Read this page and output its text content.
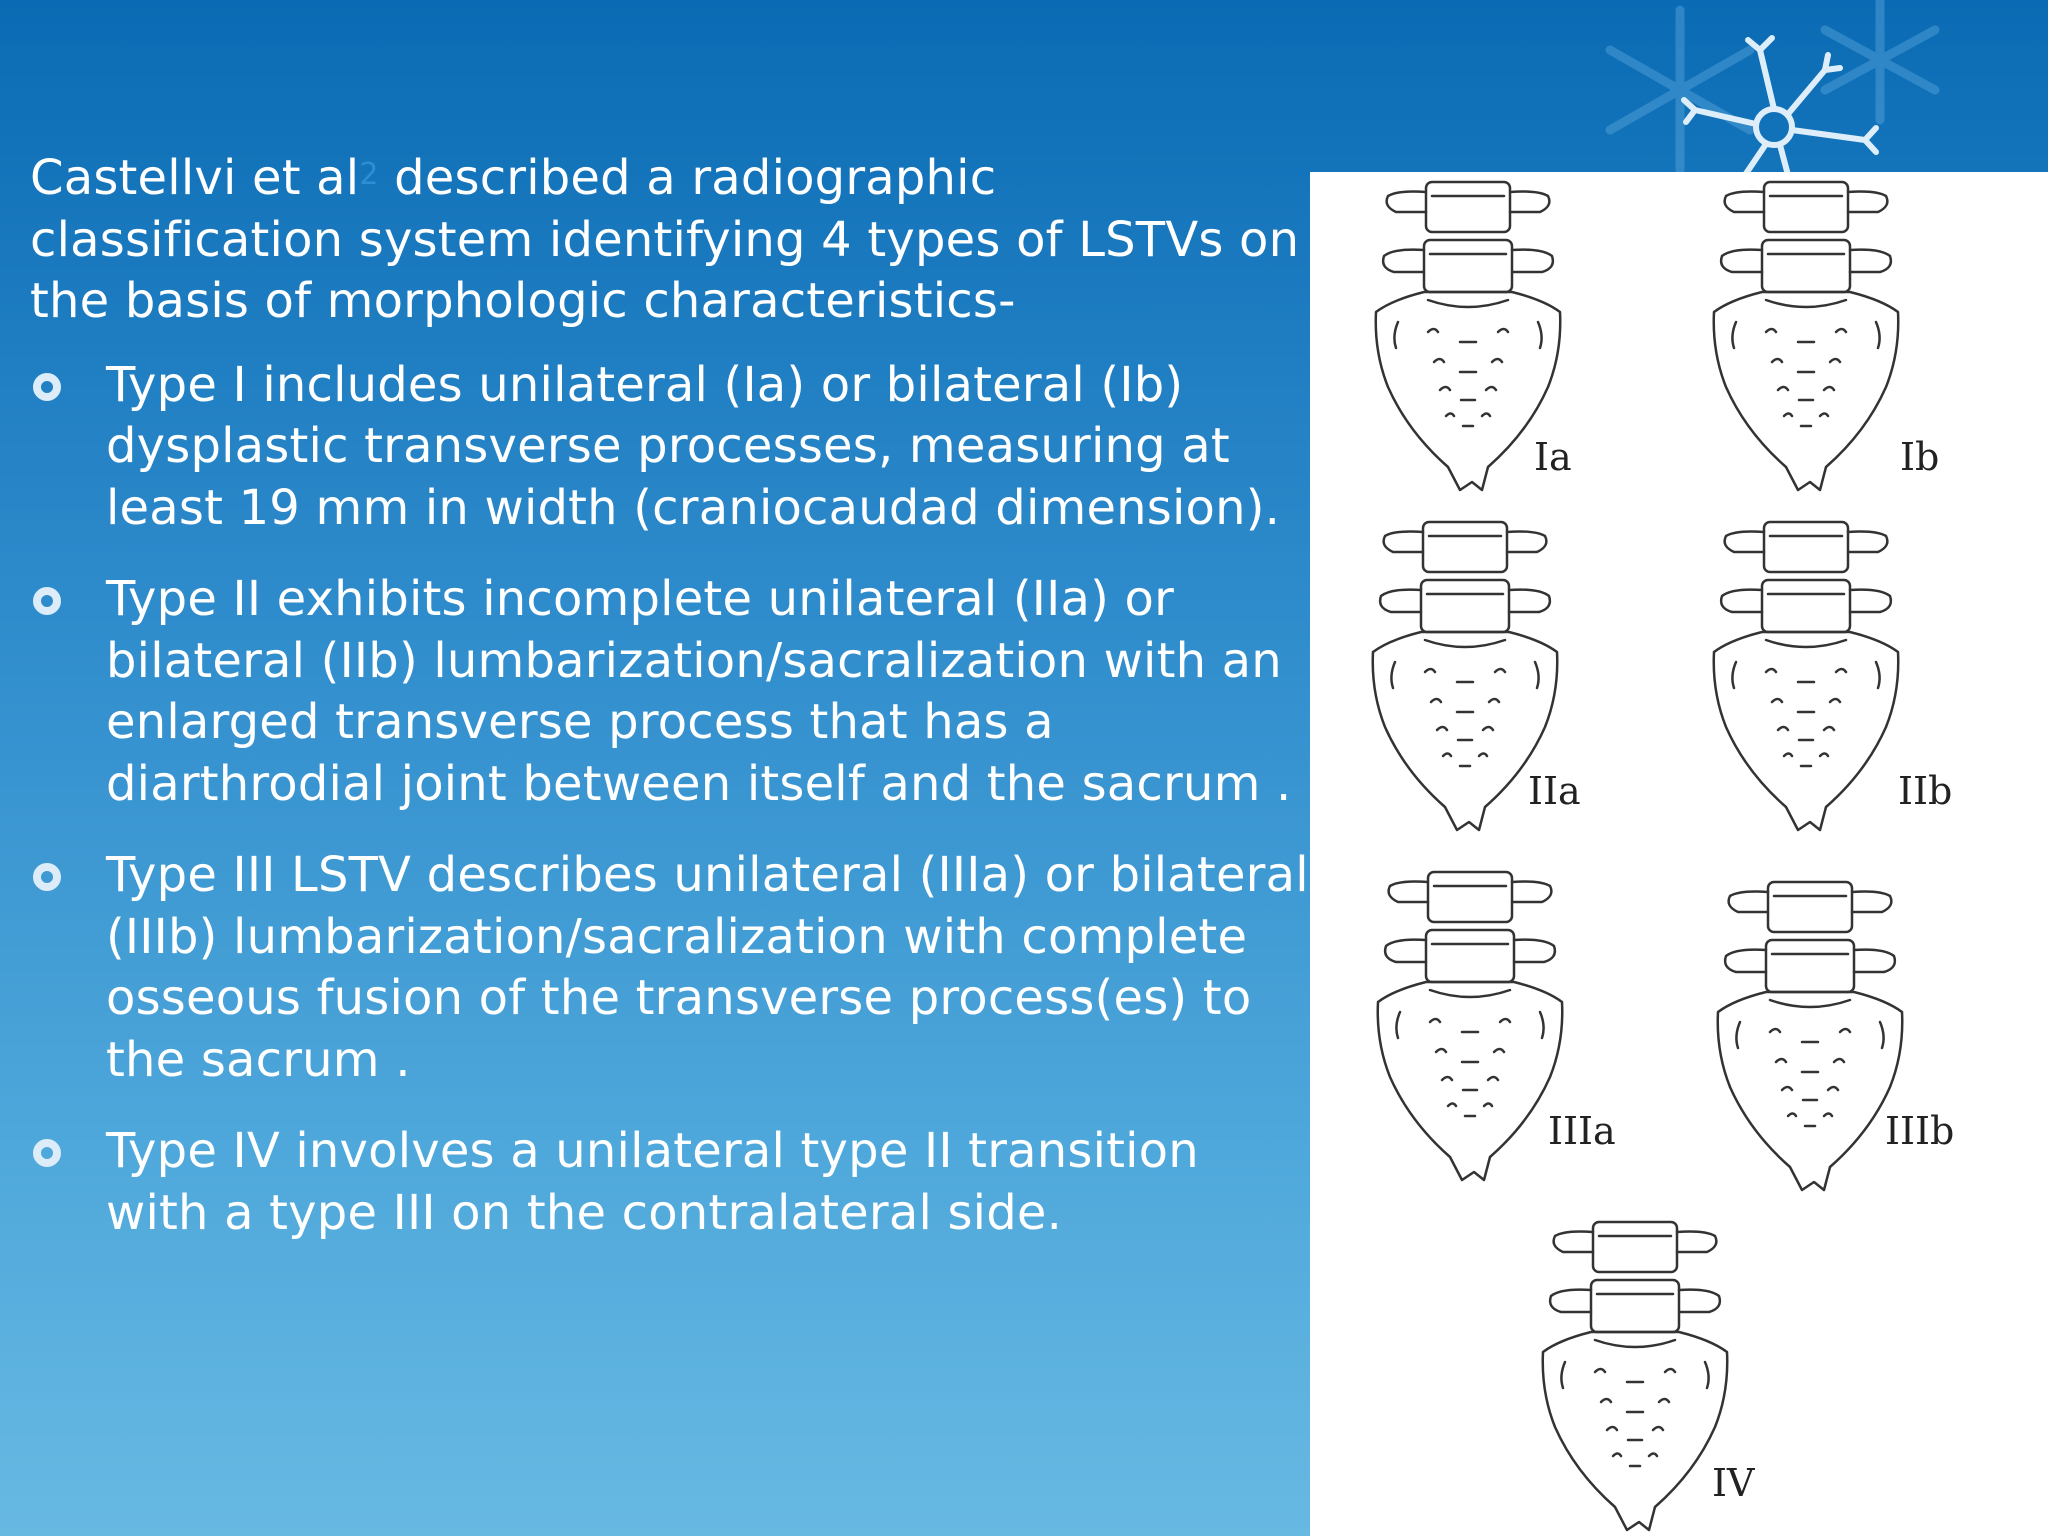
Castellvi et $al^2$ described a radiographic classification system identifying 4 types of LSTVs on the basis of morphologic characteristics-

Type I includes unilateral (Ia) or bilateral (Ib) dysplastic transverse processes, measuring at least 19 mm in width (craniocaudad dimension).
Type II exhibits incomplete unilateral (IIa) or bilateral (IIb) lumbarization/sacralization with an enlarged transverse process that has a diarthrodial joint between itself and the sacrum .
Type III LSTV describes unilateral (IIIa) or bilateral (IIIb) lumbarization/sacralization with complete osseous fusion of the transverse process(es) to the sacrum .
Type IV involves a unilateral type II transition with a type III on the contralateral side.
Ia	Ib
IIa	IIb
IIIa	IIIb
IV
